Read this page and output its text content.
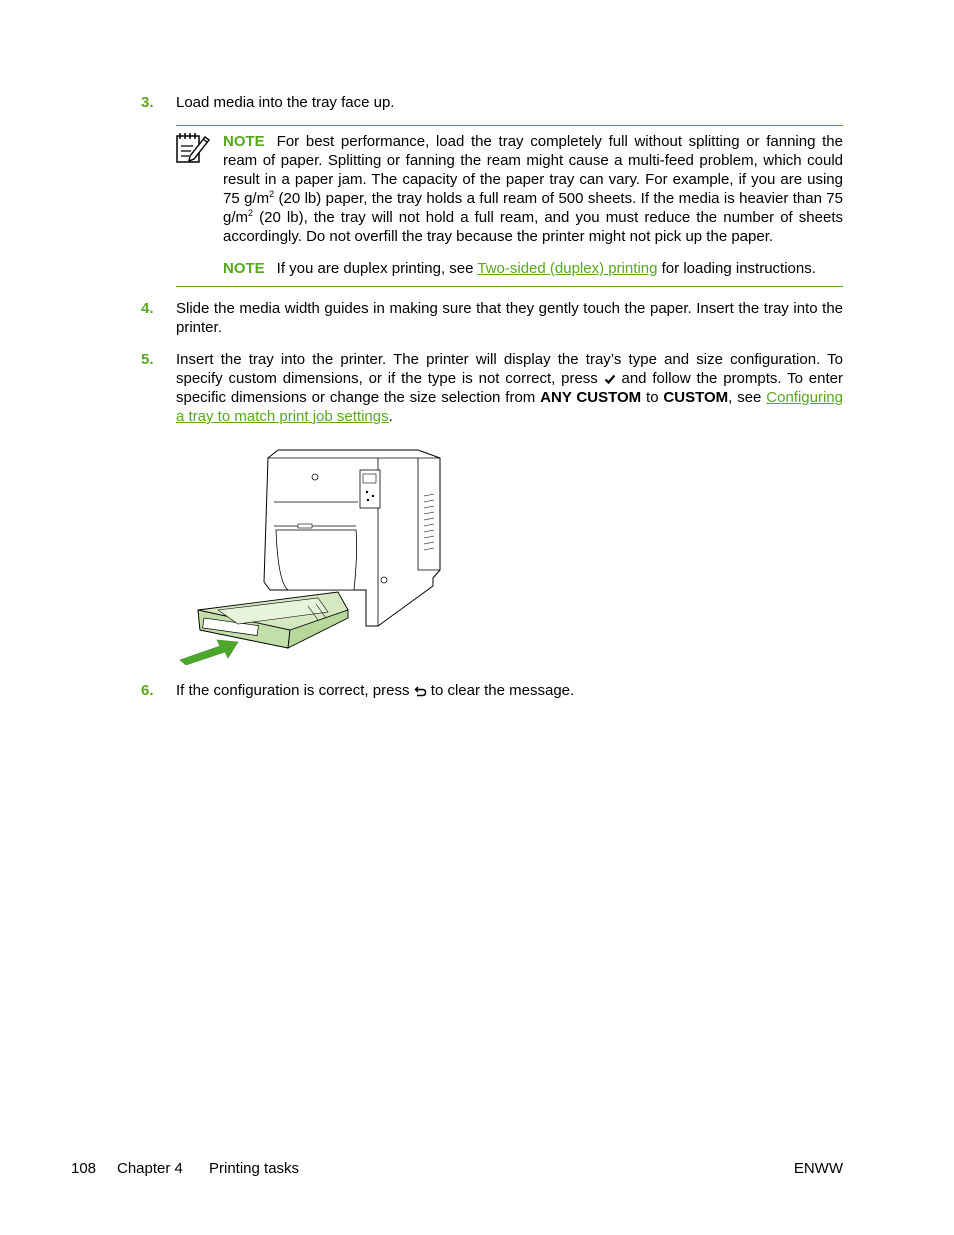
3. Load media into the tray face up.
NOTE For best performance, load the tray completely full without splitting or fanning the ream of paper. Splitting or fanning the ream might cause a multi-feed problem, which could result in a paper jam. The capacity of the paper tray can vary. For example, if you are using 75 $g/m^2$ (20 lb) paper, the tray holds a full ream of 500 sheets. If the media is heavier than 75 $g/m^2$ (20 lb), the tray will not hold a full ream, and you must reduce the number of sheets accordingly. Do not overfill the tray because the printer might not pick up the paper.
NOTE If you are duplex printing, see Two-sided (duplex) printing for loading instructions.
4. Slide the media width guides in making sure that they gently touch the paper. Insert the tray into the printer.
5. Insert the tray into the printer. The printer will display the tray’s type and size configuration. To specify custom dimensions, or if the type is not correct, press and follow the prompts. To enter specific dimensions or change the size selection from ANY CUSTOM to CUSTOM, see Configuring a tray to match print job settings.
6. If the configuration is correct, press to clear the message.
108 Chapter 4 Printing tasks	ENWW
